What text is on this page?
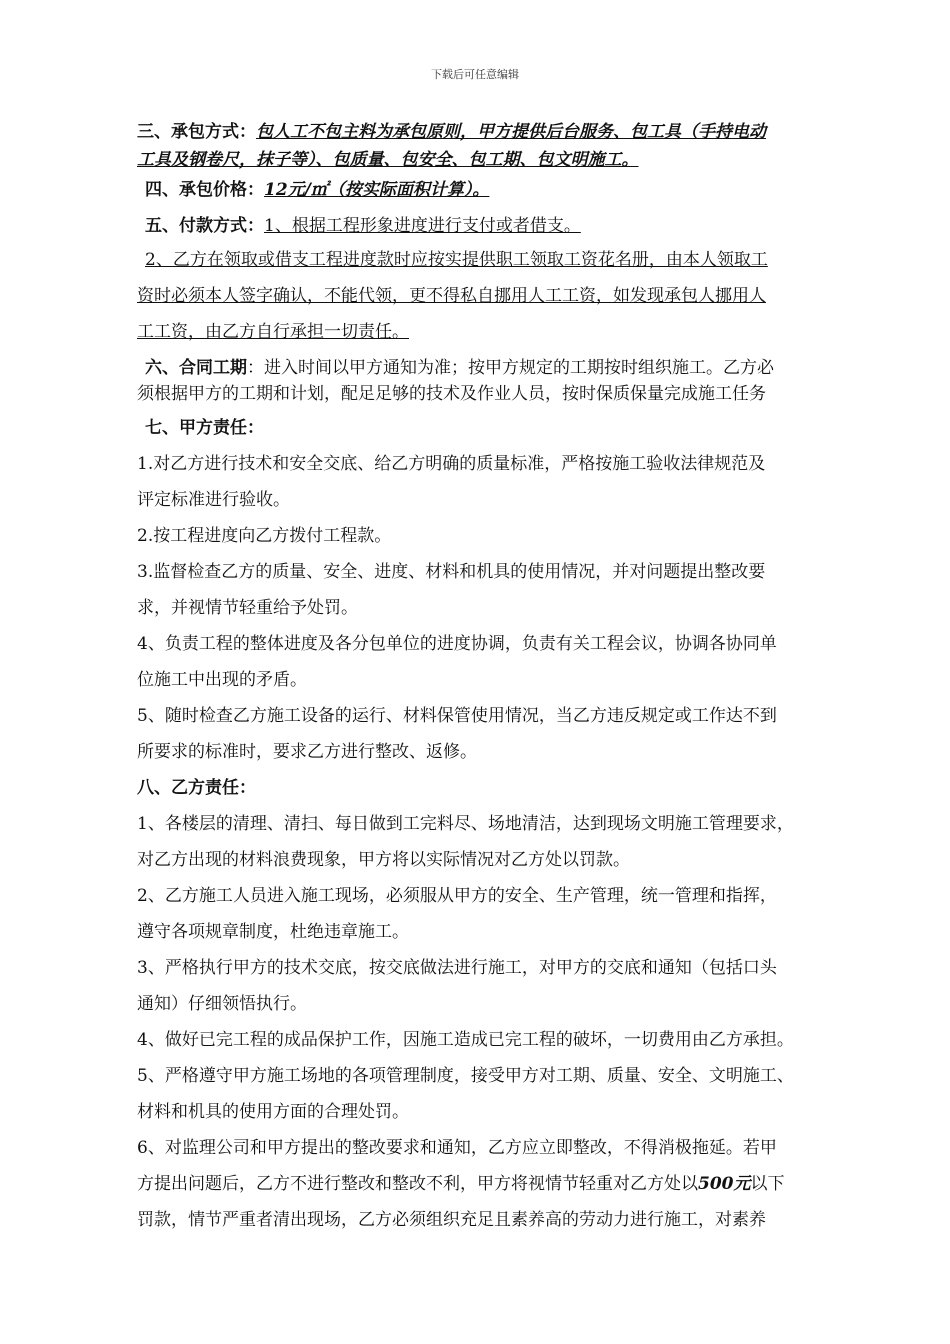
下载后可任意编辑
三、承包方式：包人工不包主料为承包原则，甲方提供后台服务、包工具（手持电动
工具及钢卷尺，抹子等）、包质量、包安全、包工期、包文明施工。
四、承包价格：12元/㎡（按实际面积计算）。
五、付款方式：1、根据工程形象进度进行支付或者借支。
2、乙方在领取或借支工程进度款时应按实提供职工领取工资花名册，由本人领取工
资时必须本人签字确认，不能代领，更不得私自挪用人工工资，如发现承包人挪用人
工工资，由乙方自行承担一切责任。
六、合同工期：进入时间以甲方通知为准；按甲方规定的工期按时组织施工。乙方必
须根据甲方的工期和计划，配足足够的技术及作业人员，按时保质保量完成施工任务
七、甲方责任：
1.对乙方进行技术和安全交底、给乙方明确的质量标准，严格按施工验收法律规范及
评定标准进行验收。
2.按工程进度向乙方拨付工程款。
3.监督检查乙方的质量、安全、进度、材料和机具的使用情况，并对问题提出整改要
求，并视情节轻重给予处罚。
4、负责工程的整体进度及各分包单位的进度协调，负责有关工程会议，协调各协同单
位施工中出现的矛盾。
5、随时检查乙方施工设备的运行、材料保管使用情况，当乙方违反规定或工作达不到
所要求的标准时，要求乙方进行整改、返修。
八、乙方责任：
1、各楼层的清理、清扫、每日做到工完料尽、场地清洁，达到现场文明施工管理要求，
对乙方出现的材料浪费现象，甲方将以实际情况对乙方处以罚款。
2、乙方施工人员进入施工现场，必须服从甲方的安全、生产管理，统一管理和指挥，
遵守各项规章制度，杜绝违章施工。
3、严格执行甲方的技术交底，按交底做法进行施工，对甲方的交底和通知（包括口头
通知）仔细领悟执行。
4、做好已完工程的成品保护工作，因施工造成已完工程的破坏，一切费用由乙方承担。
5、严格遵守甲方施工场地的各项管理制度，接受甲方对工期、质量、安全、文明施工、
材料和机具的使用方面的合理处罚。
6、对监理公司和甲方提出的整改要求和通知，乙方应立即整改，不得消极拖延。若甲
方提出问题后，乙方不进行整改和整改不利，甲方将视情节轻重对乙方处以500元以下
罚款，情节严重者清出现场，乙方必须组织充足且素养高的劳动力进行施工，对素养
